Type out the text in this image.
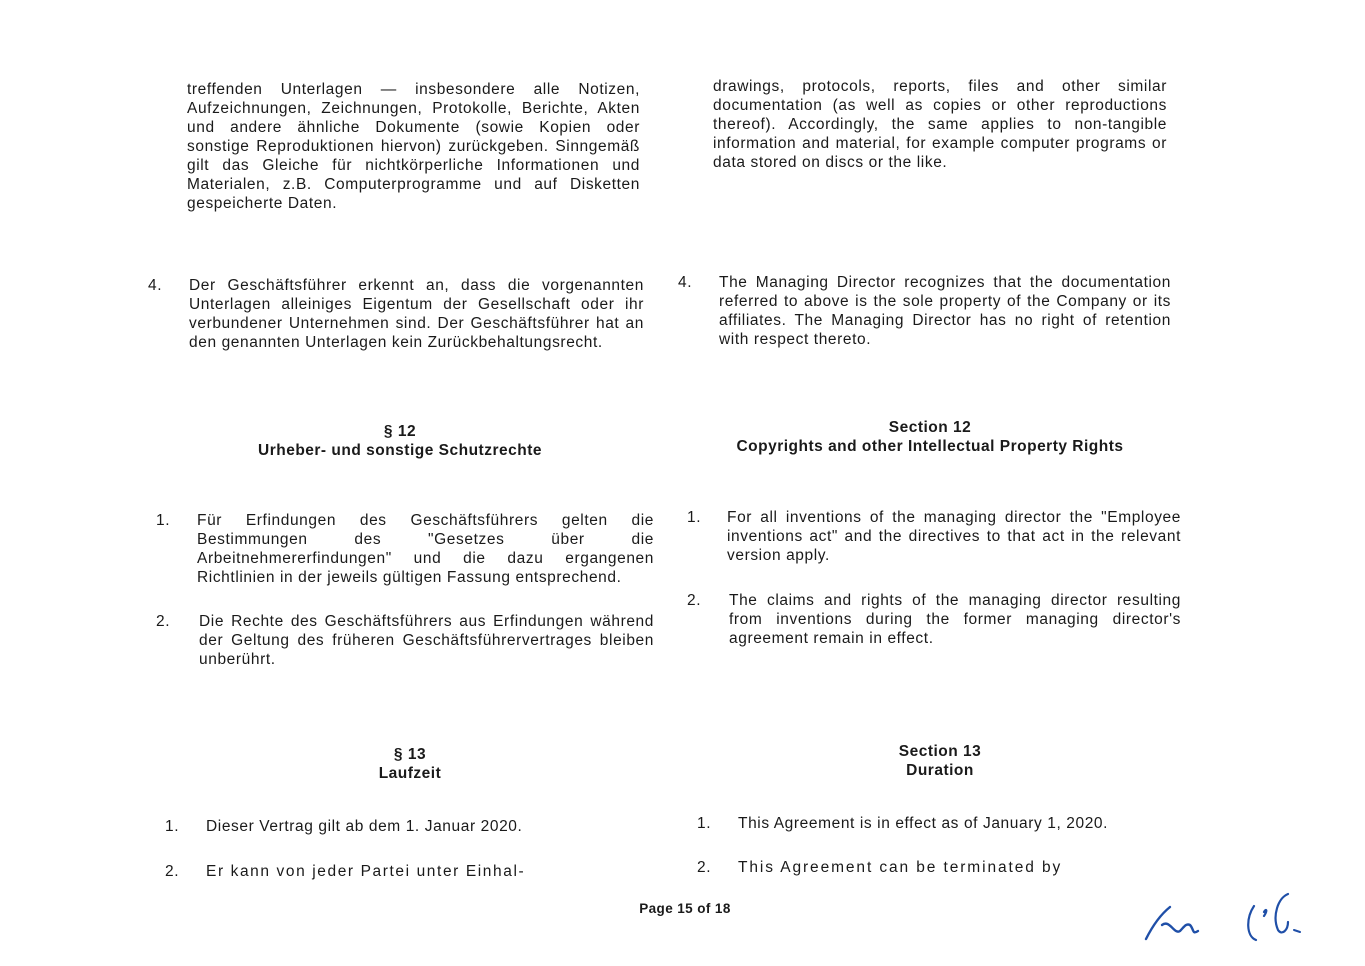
treffenden Unterlagen — insbesondere alle Notizen, Aufzeichnungen, Zeichnungen, Protokolle, Berichte, Akten und andere ähnliche Dokumente (sowie Kopien oder sonstige Reproduktionen hiervon) zurückgeben. Sinngemäß gilt das Gleiche für nichtkörperliche Informationen und Materialen, z.B. Computerprogramme und auf Disketten gespeicherte Daten.

4. Der Geschäftsführer erkennt an, dass die vorgenannten Unterlagen alleiniges Eigentum der Gesellschaft oder ihr verbundener Unternehmen sind. Der Geschäftsführer hat an den genannten Unterlagen kein Zurückbehaltungsrecht.
§ 12
Urheber- und sonstige Schutzrechte
1. Für Erfindungen des Geschäftsführers gelten die Bestimmungen des "Gesetzes über die Arbeitnehmererfindungen" und die dazu ergangenen Richtlinien in der jeweils gültigen Fassung entsprechend.
2. Die Rechte des Geschäftsführers aus Erfindungen während der Geltung des früheren Geschäftsführervertrages bleiben unberührt.
§ 13
Laufzeit
1. Dieser Vertrag gilt ab dem 1. Januar 2020.
2. Er kann von jeder Partei unter Einhal-

drawings, protocols, reports, files and other similar documentation (as well as copies or other reproductions thereof). Accordingly, the same applies to non-tangible information and material, for example computer programs or data stored on discs or the like.

4. The Managing Director recognizes that the documentation referred to above is the sole property of the Company or its affiliates. The Managing Director has no right of retention with respect thereto.
Section 12
Copyrights and other Intellectual Property Rights
1. For all inventions of the managing director the "Employee inventions act" and the directives to that act in the relevant version apply.
2. The claims and rights of the managing director resulting from inventions during the former managing director's agreement remain in effect.
Section 13
Duration
1. This Agreement is in effect as of January 1, 2020.
2. This Agreement can be terminated by
Page 15 of 18
